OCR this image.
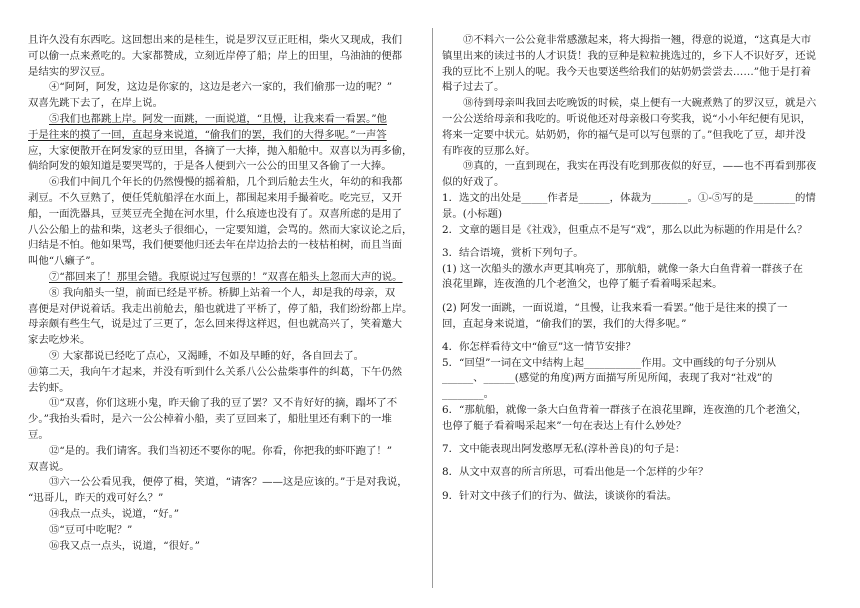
且许久没有东西吃。这回想出来的是桂生，说是罗汉豆正旺相，柴火又现成，我们
可以偷一点来煮吃的。大家都赞成，立刻近岸停了船；岸上的田里，乌油油的便都
是结实的罗汉豆。
④“阿阿，阿发，这边是你家的，这边是老六一家的，我们偷那一边的呢？”
双喜先跳下去了，在岸上说。
⑤我们也都跳上岸。阿发一面跳，一面说道，“且慢，让我来看一看罢。”他
于是往来的摸了一回，直起身来说道，“偷我们的罢，我们的大得多呢。”一声答
应，大家便散开在阿发家的豆田里，各摘了一大捧，抛入船舱中。双喜以为再多偷，
倘给阿发的娘知道是要哭骂的，于是各人便到六一公公的田里又各偷了一大捧。
⑥我们中间几个年长的仍然慢慢的摇着船，几个到后舱去生火，年幼的和我都
剥豆。不久豆熟了，便任凭航船浮在水面上，都围起来用手撮着吃。吃完豆，又开
船，一面洗器具，豆荚豆壳全抛在河水里，什么痕迹也没有了。双喜所虑的是用了
八公公船上的盐和柴，这老头子很细心，一定要知道，会骂的。然而大家议论之后，
归结是不怕。他如果骂，我们便要他归还去年在岸边拾去的一枝枯桕树，而且当面
叫他“八癞子”。
⑦“都回来了！那里会错。我原说过写包票的！”双喜在船头上忽而大声的说。
⑧ 我向船头一望，前面已经是平桥。桥脚上站着一个人，却是我的母亲，双
喜便是对伊说着话。我走出前舱去，船也就进了平桥了，停了船，我们纷纷都上岸。
母亲颇有些生气，说是过了三更了，怎么回来得这样迟，但也就高兴了，笑着邀大
家去吃炒米。
⑨ 大家都说已经吃了点心，又渴睡，不如及早睡的好，各自回去了。
⑩第二天，我向午才起来，并没有听到什么关系八公公盐柴事件的纠葛，下午仍然
去钓虾。
⑪“双喜，你们这班小鬼，昨天偷了我的豆了罢？又不肯好好的摘，蹋坏了不
少。”我抬头看时，是六一公公棹着小船，卖了豆回来了，船肚里还有剩下的一堆
豆。
⑫“是的。我们请客。我们当初还不要你的呢。你看，你把我的虾吓跑了！”
双喜说。
⑬六一公公看见我，便停了楫，笑道，“请客？——这是应该的。”于是对我说，
“迅哥儿，昨天的戏可好么？”
⑭我点一点头，说道，“好。”
⑮“豆可中吃呢？”
⑯我又点一点头，说道，“很好。”
⑰不料六一公公竟非常感激起来，将大拇指一翘，得意的说道，“这真是大市
镇里出来的读过书的人才识货！我的豆种是粒粒挑选过的，乡下人不识好歹，还说
我的豆比不上别人的呢。我今天也要送些给我们的姑奶奶尝尝去……”他于是打着
楫子过去了。
⑱待到母亲叫我回去吃晚饭的时候，桌上便有一大碗煮熟了的罗汉豆，就是六
一公公送给母亲和我吃的。听说他还对母亲极口夸奖我，说“小小年纪便有见识，
将来一定要中状元。姑奶奶，你的福气是可以写包票的了。”但我吃了豆，却并没
有昨夜的豆那么好。
⑲真的，一直到现在，我实在再没有吃到那夜似的好豆，——也不再看到那夜
似的好戏了。
1．选文的出处是_____作者是______，体裁为_______。①-⑤写的是________的情
景。(小标题)
2．文章的题目是《社戏》，但重点不是写“戏”，那么以此为标题的作用是什么？
3．结合语境，赏析下列句子。
(1) 这一次船头的激水声更其响亮了，那航船，就像一条大白鱼背着一群孩子在
浪花里蹿，连夜渔的几个老渔父，也停了艇子看着喝采起来。
(2) 阿发一面跳，一面说道，“且慢，让我来看一看罢。”他于是往来的摸了一
回，直起身来说道，“偷我们的罢，我们的大得多呢。”
4．你怎样看待文中“偷豆”这一情节安排？
5．“回望”一词在文中结构上起___________作用。文中画线的句子分别从
______、______(感觉的角度)两方面描写所见所闻，表现了我对“社戏”的
________。
6．“那航船，就像一条大白鱼背着一群孩子在浪花里蹿，连夜渔的几个老渔父，
也停了艇子看着喝采起来”一句在表达上有什么妙处？
7．文中能表现出阿发憨厚无私(淳朴善良)的句子是：
8．从文中双喜的所言所思，可看出他是一个怎样的少年？
9．针对文中孩子们的行为、做法，谈谈你的看法。
